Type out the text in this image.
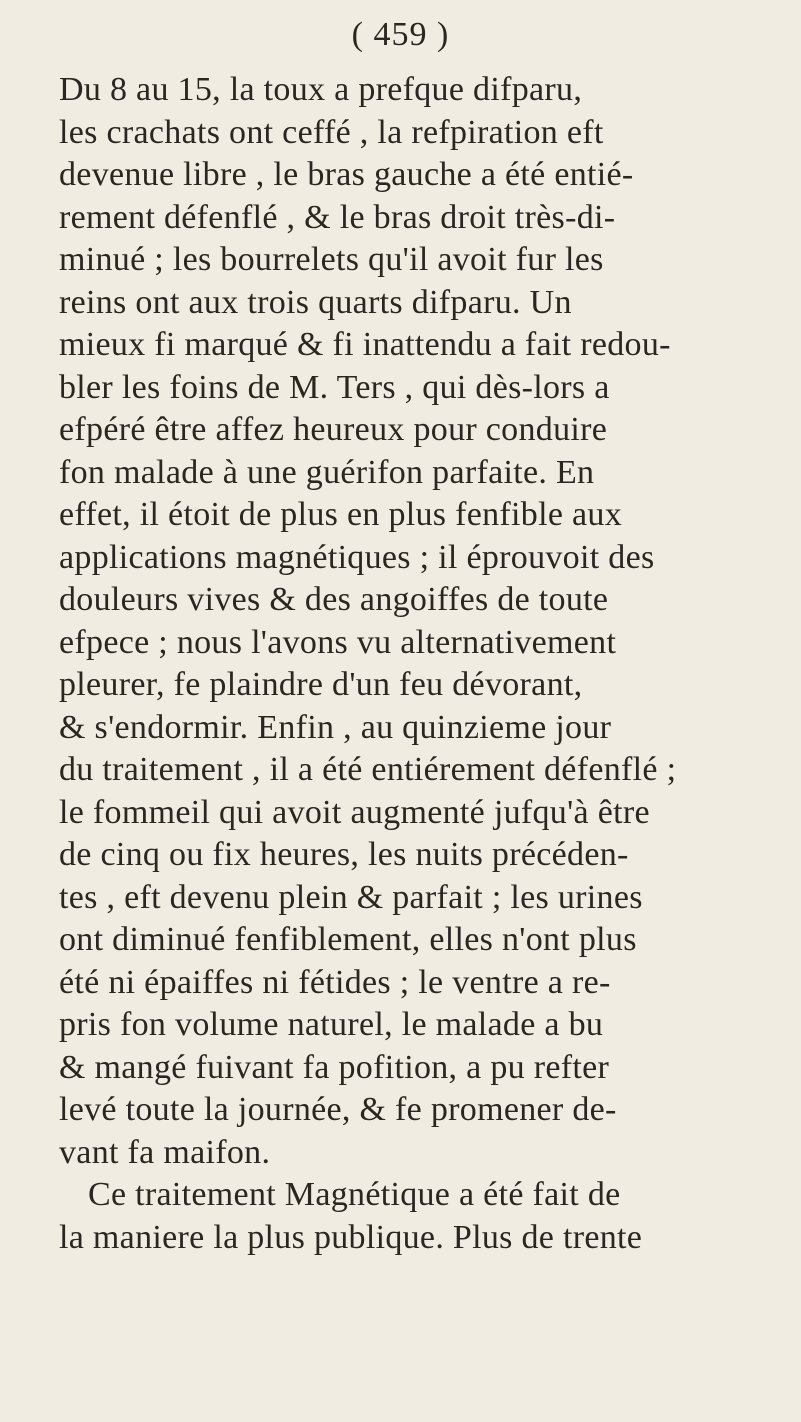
( 459 )
Du 8 au 15, la toux a prefque difparu,
les crachats ont ceffé , la refpiration eft
devenue libre , le bras gauche a été entié-
rement défenflé , & le bras droit très-di-
minué ; les bourrelets qu'il avoit fur les
reins ont aux trois quarts difparu. Un
mieux fi marqué & fi inattendu a fait redou-
bler les foins de M. Ters , qui dès-lors a
efpéré être affez heureux pour conduire
fon malade à une guérifon parfaite. En
effet, il étoit de plus en plus fenfible aux
applications magnétiques ; il éprouvoit des
douleurs vives & des angoiffes de toute
efpece ; nous l'avons vu alternativement
pleurer, fe plaindre d'un feu dévorant,
& s'endormir. Enfin , au quinzieme jour
du traitement , il a été entiérement défenflé ;
le fommeil qui avoit augmenté jufqu'à être
de cinq ou fix heures, les nuits précéden-
tes , eft devenu plein & parfait ; les urines
ont diminué fenfiblement, elles n'ont plus
été ni épaiffes ni fétides ; le ventre a re-
pris fon volume naturel, le malade a bu
& mangé fuivant fa pofition, a pu refter
levé toute la journée, & fe promener de-
vant fa maifon.
Ce traitement Magnétique a été fait de
la maniere la plus publique. Plus de trente
